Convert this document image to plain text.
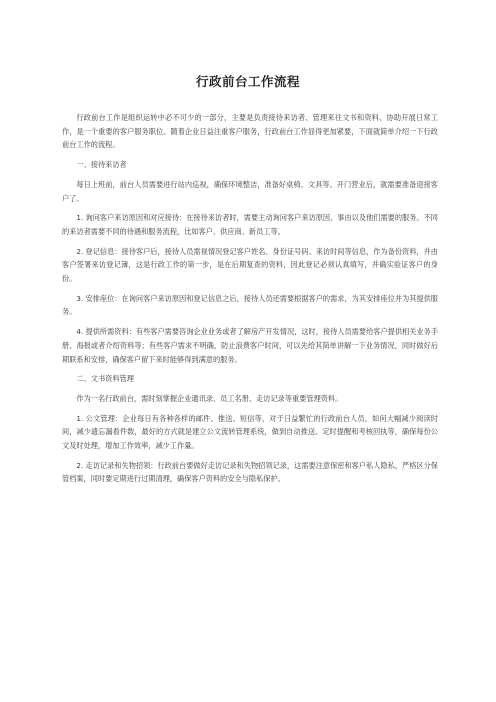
行政前台工作流程

行政前台工作是组织运转中必不可少的一部分，主要是负责接待来访者、管理来往文书和资料、协助开展日常工作，是一个重要的客户服务职位。随着企业日益注重客户服务，行政前台工作显得更加紧要，下面就简单介绍一下行政前台工作的流程。

一、接待来访者

每日上班前，前台人员需要进行站内巡视，确保环境整洁，准备好桌椅、文具等。开门营业后，就需要准备迎接客户了。

1. 询问客户来访原因和对应接待：在接待来访者时，需要主动询问客户来访原因、事由以及他们需要的服务。不同的来访者需要不同的待遇和服务流程，比如客户、供应商、新员工等。

2. 登记信息：接待客户后，接待人员需视情况登记客户姓名、身份证号码、来访时间等信息，作为备份资料，并由客户签署来访登记簿，这是行政工作的第一步，是在后期复查的资料，因此登记必须认真填写，并确实验证客户的身份。

3. 安排座位：在询问客户来访原因和登记信息之后，接待人员还需要根据客户的需求，为其安排座位并为其提供服务。

4. 提供所需资料：有些客户需要咨询企业业务或者了解房产开发情况，这时，接待人员需要给客户提供相关业务手册、海报或者介绍资料等；有些客户需求不明确，防止浪费客户时间，可以先给其简单讲解一下业务情况，同时做好后期联系和安排，确保客户留下来时能够得到满意的服务。

二、文书资料管理

作为一名行政前台，需时刻掌握企业通讯录、员工名册、走访记录等重要管理资料。

1. 公文管理：企业每日有各种各样的邮件、推送、短信等，对于日益繁忙的行政前台人员，如何大幅减少阅读时间，减少遗忘漏看件数，最好的方式就是建立公文流转管理系统，做到自动推送、定时提醒和考核回执等，确保每份公文及时处理，增加工作效率，减少工作量。

2. 走访记录和失物招领：行政前台要做好走访记录和失物招领记录，这需要注意保密和客户私人隐私，严格区分保管档案，同时要定期进行过期清理，确保客户资料的安全与隐私保护。
